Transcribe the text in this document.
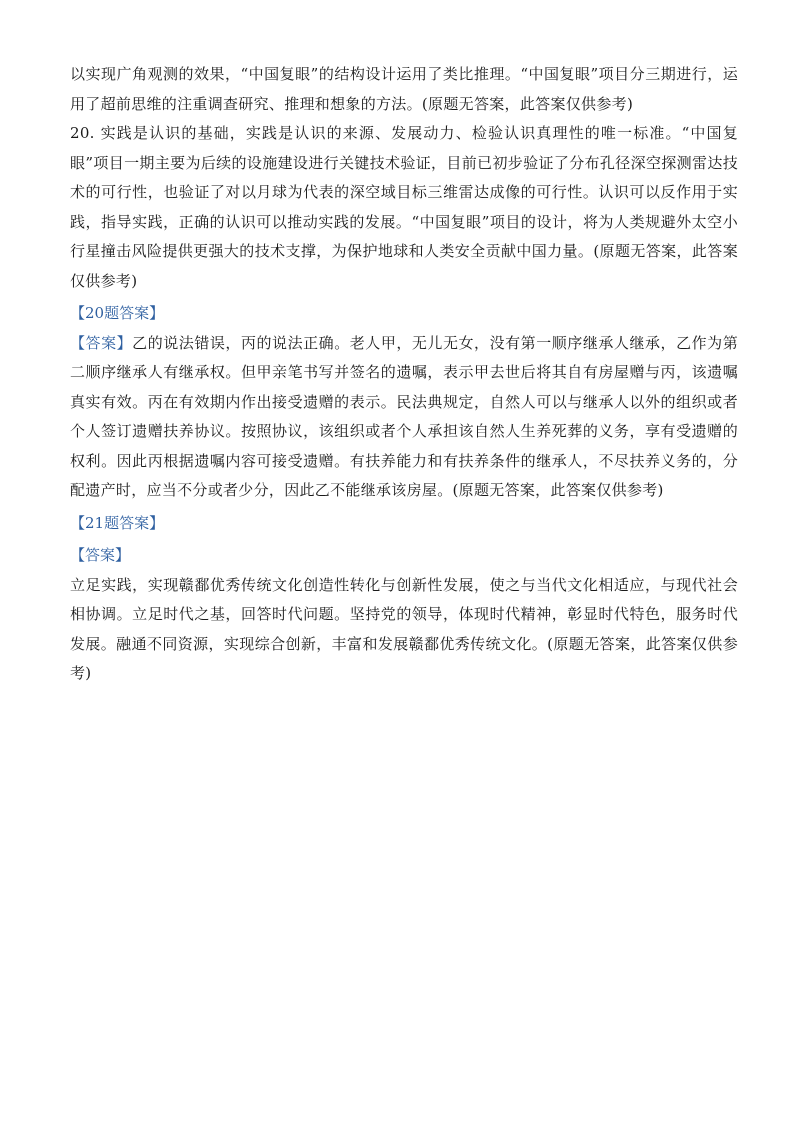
以实现广角观测的效果，“中国复眼”的结构设计运用了类比推理。“中国复眼”项目分三期进行，运用了超前思维的注重调查研究、推理和想象的方法。(原题无答案，此答案仅供参考)

20. 实践是认识的基础，实践是认识的来源、发展动力、检验认识真理性的唯一标准。“中国复眼”项目一期主要为后续的设施建设进行关键技术验证，目前已初步验证了分布孔径深空探测雷达技术的可行性，也验证了对以月球为代表的深空域目标三维雷达成像的可行性。认识可以反作用于实践，指导实践，正确的认识可以推动实践的发展。“中国复眼”项目的设计，将为人类规避外太空小行星撞击风险提供更强大的技术支撑，为保护地球和人类安全贡献中国力量。(原题无答案，此答案仅供参考)

【20题答案】

【答案】乙的说法错误，丙的说法正确。老人甲，无儿无女，没有第一顺序继承人继承，乙作为第二顺序继承人有继承权。但甲亲笔书写并签名的遗嘱，表示甲去世后将其自有房屋赠与丙，该遗嘱真实有效。丙在有效期内作出接受遗赠的表示。民法典规定，自然人可以与继承人以外的组织或者个人签订遗赠扶养协议。按照协议，该组织或者个人承担该自然人生养死葬的义务，享有受遗赠的权利。因此丙根据遗嘱内容可接受遗赠。有扶养能力和有扶养条件的继承人，不尽扶养义务的，分配遗产时，应当不分或者少分，因此乙不能继承该房屋。(原题无答案，此答案仅供参考)

【21题答案】

【答案】

立足实践，实现赣鄱优秀传统文化创造性转化与创新性发展，使之与当代文化相适应，与现代社会相协调。立足时代之基，回答时代问题。坚持党的领导，体现时代精神，彰显时代特色，服务时代发展。融通不同资源，实现综合创新，丰富和发展赣鄱优秀传统文化。(原题无答案，此答案仅供参考)
